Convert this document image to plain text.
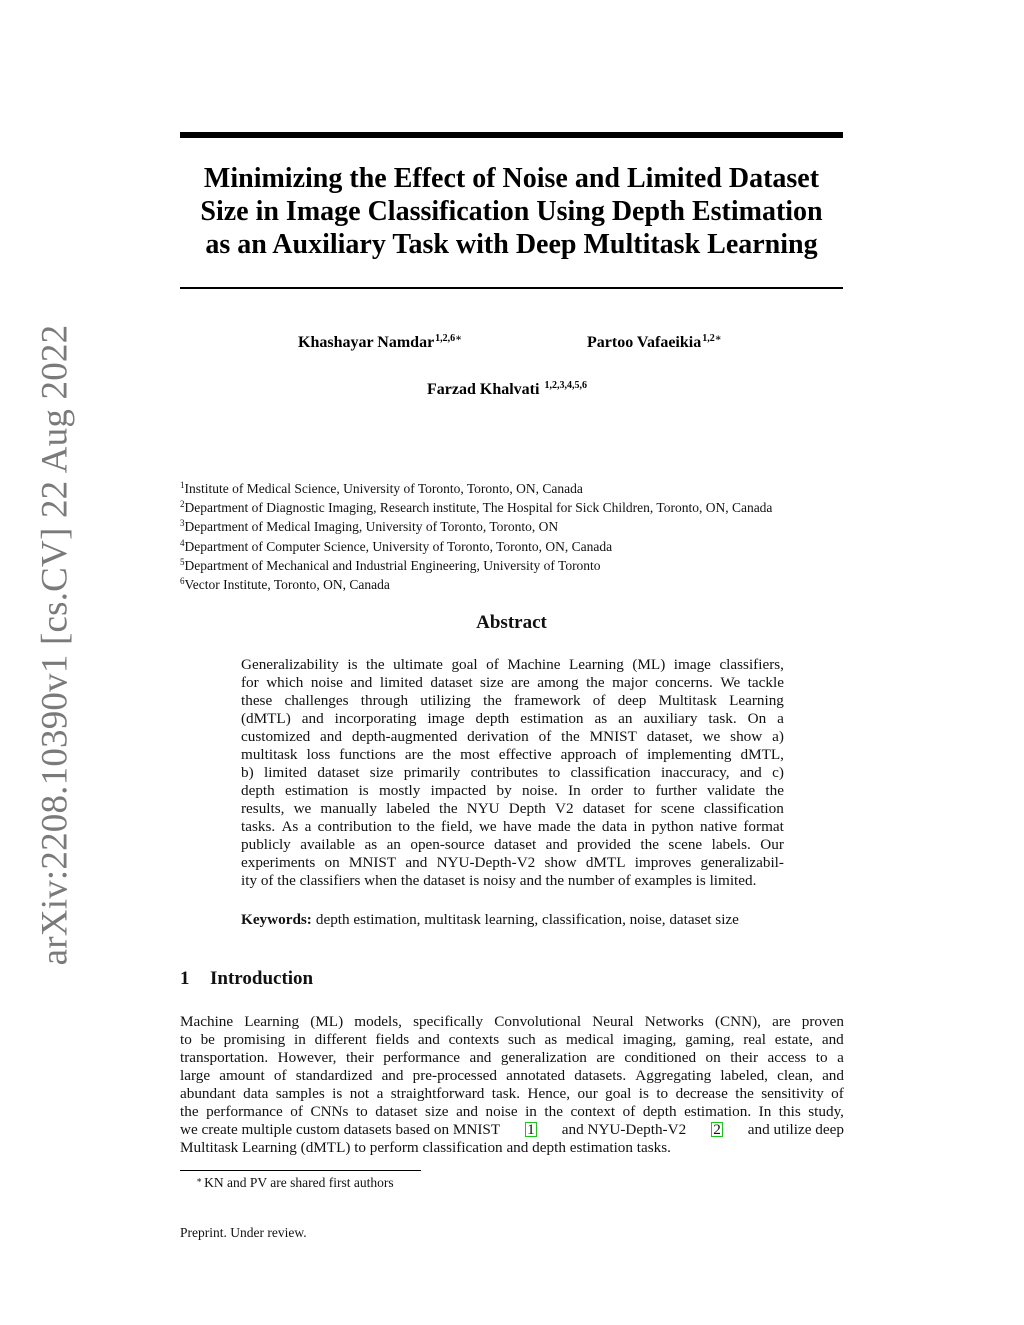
arXiv:2208.10390v1 [cs.CV] 22 Aug 2022
Minimizing the Effect of Noise and Limited Dataset
Size in Image Classification Using Depth Estimation
as an Auxiliary Task with Deep Multitask Learning
Khashayar Namdar$^{1,2,6∗}$	Partoo Vafaeikia$^{1,2∗}$
Farzad Khalvati $^{1,2,3,4,5,6}$
$^1$Institute of Medical Science, University of Toronto, Toronto, ON, Canada
$^2$Department of Diagnostic Imaging, Research institute, The Hospital for Sick Children, Toronto, ON, Canada
$^3$Department of Medical Imaging, University of Toronto, Toronto, ON
$^4$Department of Computer Science, University of Toronto, Toronto, ON, Canada
$^5$Department of Mechanical and Industrial Engineering, University of Toronto
$^6$Vector Institute, Toronto, ON, Canada
Abstract
Generalizability is the ultimate goal of Machine Learning (ML) image classifiers,
for which noise and limited dataset size are among the major concerns. We tackle
these challenges through utilizing the framework of deep Multitask Learning
(dMTL) and incorporating image depth estimation as an auxiliary task. On a
customized and depth-augmented derivation of the MNIST dataset, we show a)
multitask loss functions are the most effective approach of implementing dMTL,
b) limited dataset size primarily contributes to classification inaccuracy, and c)
depth estimation is mostly impacted by noise. In order to further validate the
results, we manually labeled the NYU Depth V2 dataset for scene classification
tasks. As a contribution to the field, we have made the data in python native format
publicly available as an open-source dataset and provided the scene labels. Our
experiments on MNIST and NYU-Depth-V2 show dMTL improves generalizabil-
ity of the classifiers when the dataset is noisy and the number of examples is limited.
Keywords: depth estimation, multitask learning, classification, noise, dataset size
1 Introduction
Machine Learning (ML) models, specifically Convolutional Neural Networks (CNN), are proven
to be promising in different fields and contexts such as medical imaging, gaming, real estate, and
transportation. However, their performance and generalization are conditioned on their access to a
large amount of standardized and pre-processed annotated datasets. Aggregating labeled, clean, and
abundant data samples is not a straightforward task. Hence, our goal is to decrease the sensitivity of
the performance of CNNs to dataset size and noise in the context of depth estimation. In this study,
we create multiple custom datasets based on MNIST 1 and NYU-Depth-V2 2 and utilize deep
Multitask Learning (dMTL) to perform classification and depth estimation tasks.
∗ KN and PV are shared first authors
Preprint. Under review.
